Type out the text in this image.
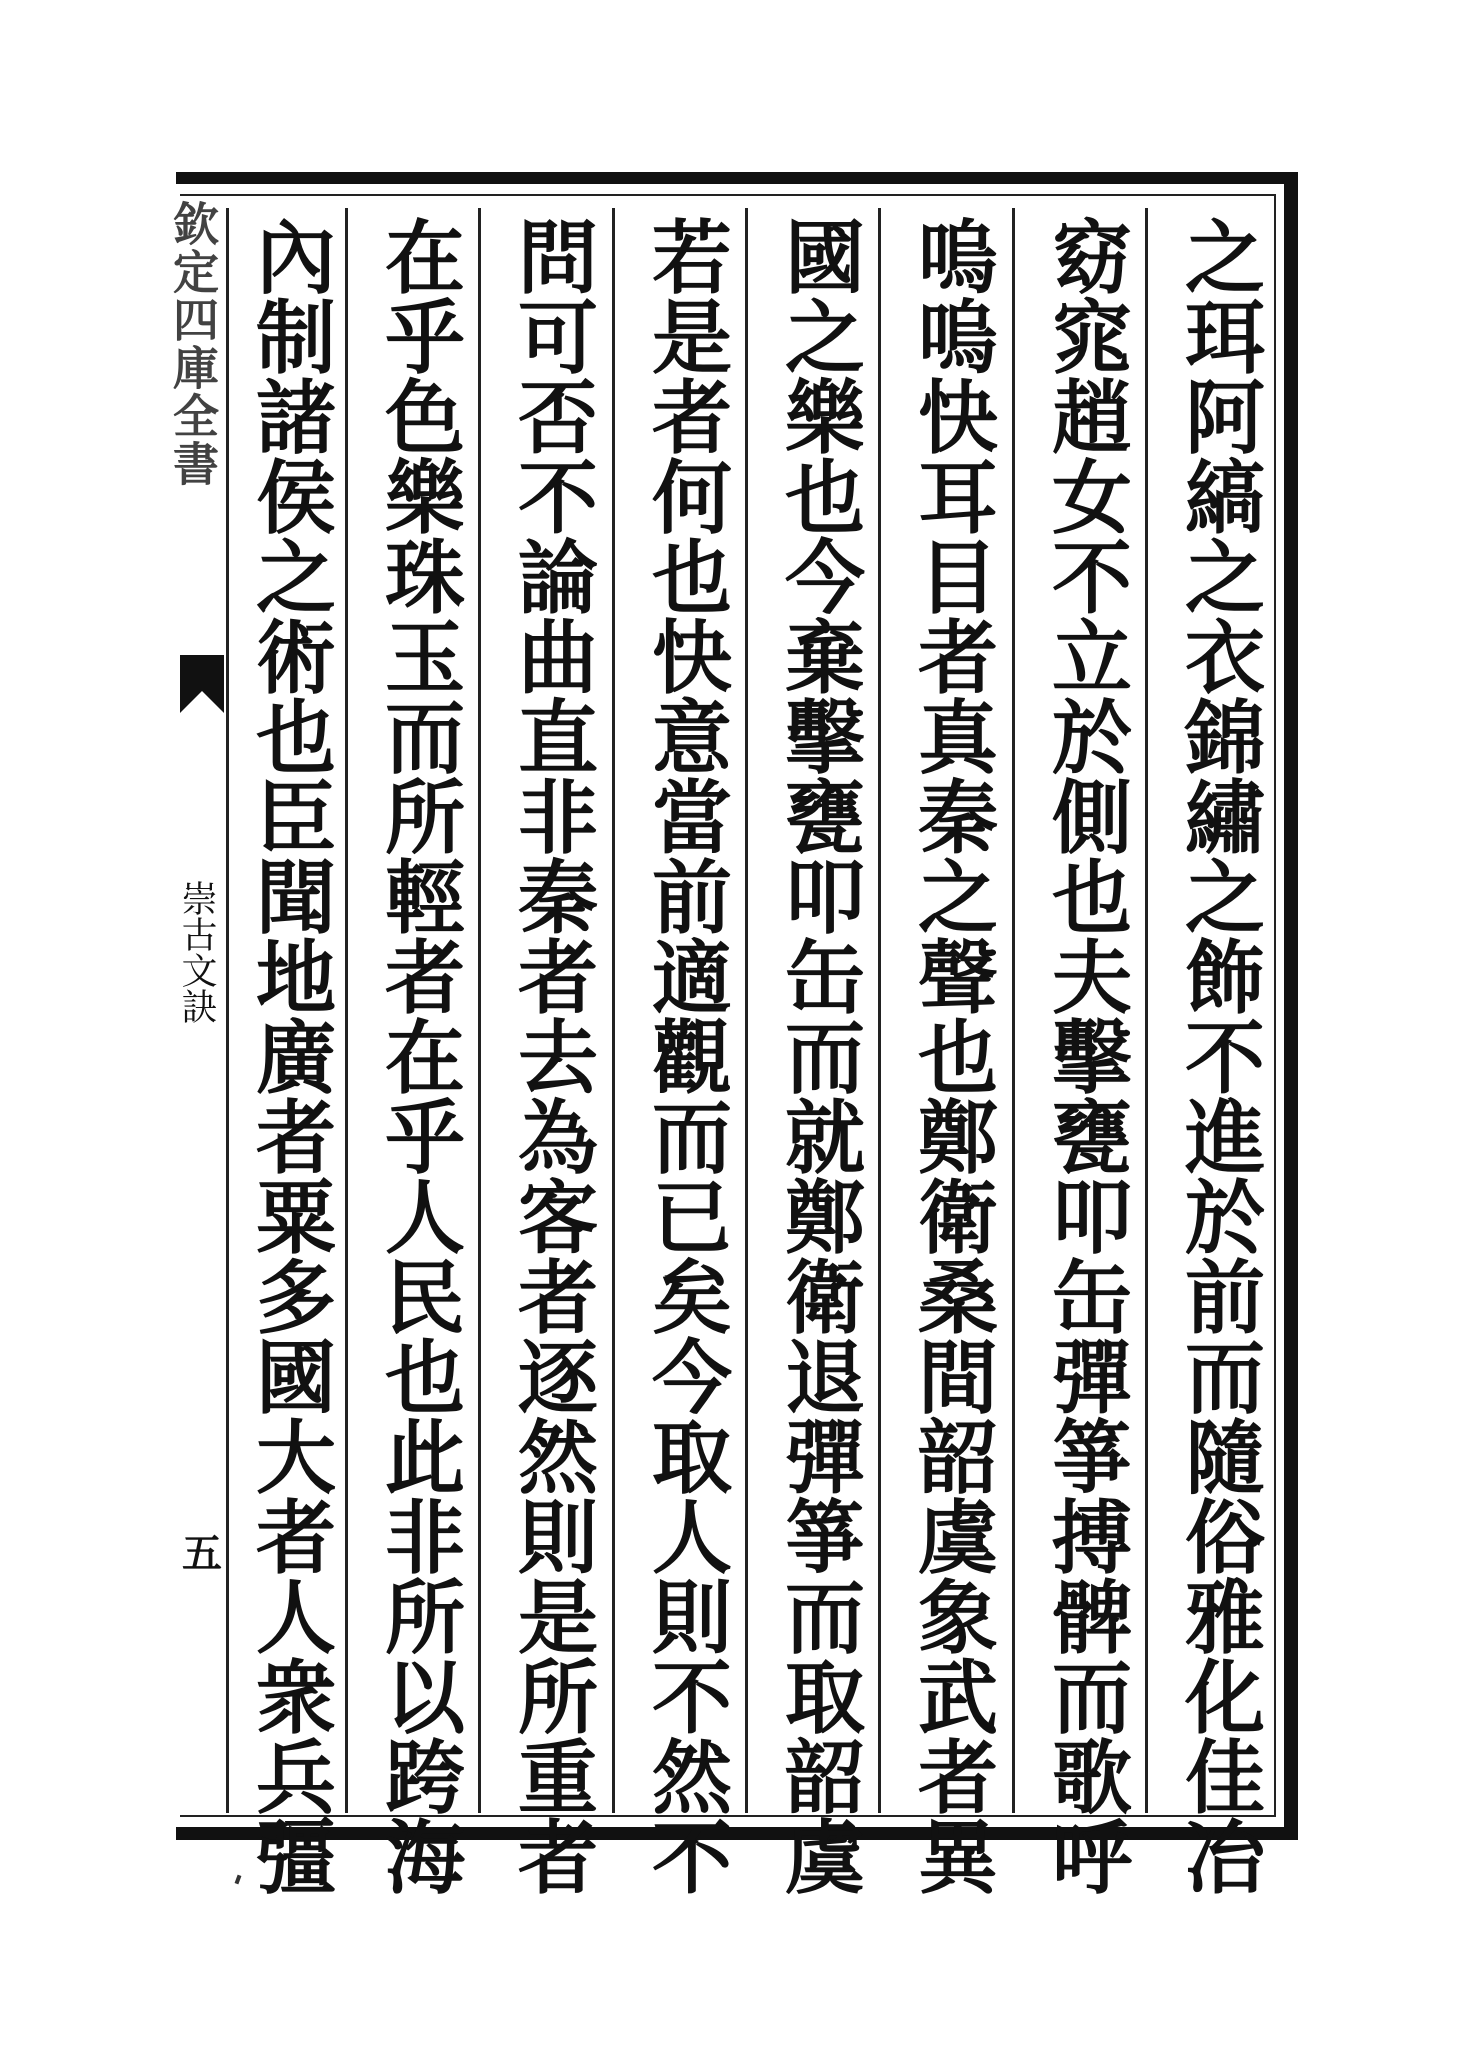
欽定四庫全書
崇古文訣
五
之
珥
阿
縞
之
衣
錦
繡
之
飾
不
進
於
前
而
隨
俗
雅
化
佳
冶
窈
窕
趙
女
不
立
於
側
也
夫
擊
甕
叩
缶
彈
箏
搏
髀
而
歌
呼
嗚
嗚
快
耳
目
者
真
秦
之
聲
也
鄭
衛
桑
間
韶
虞
象
武
者
異
國
之
樂
也
今
棄
擊
甕
叩
缶
而
就
鄭
衛
退
彈
箏
而
取
韶
虞
若
是
者
何
也
快
意
當
前
適
觀
而
已
矣
今
取
人
則
不
然
不
問
可
否
不
論
曲
直
非
秦
者
去
為
客
者
逐
然
則
是
所
重
者
在
乎
色
樂
珠
玉
而
所
輕
者
在
乎
人
民
也
此
非
所
以
跨
海
內
制
諸
侯
之
術
也
臣
聞
地
廣
者
粟
多
國
大
者
人
衆
兵
彊
